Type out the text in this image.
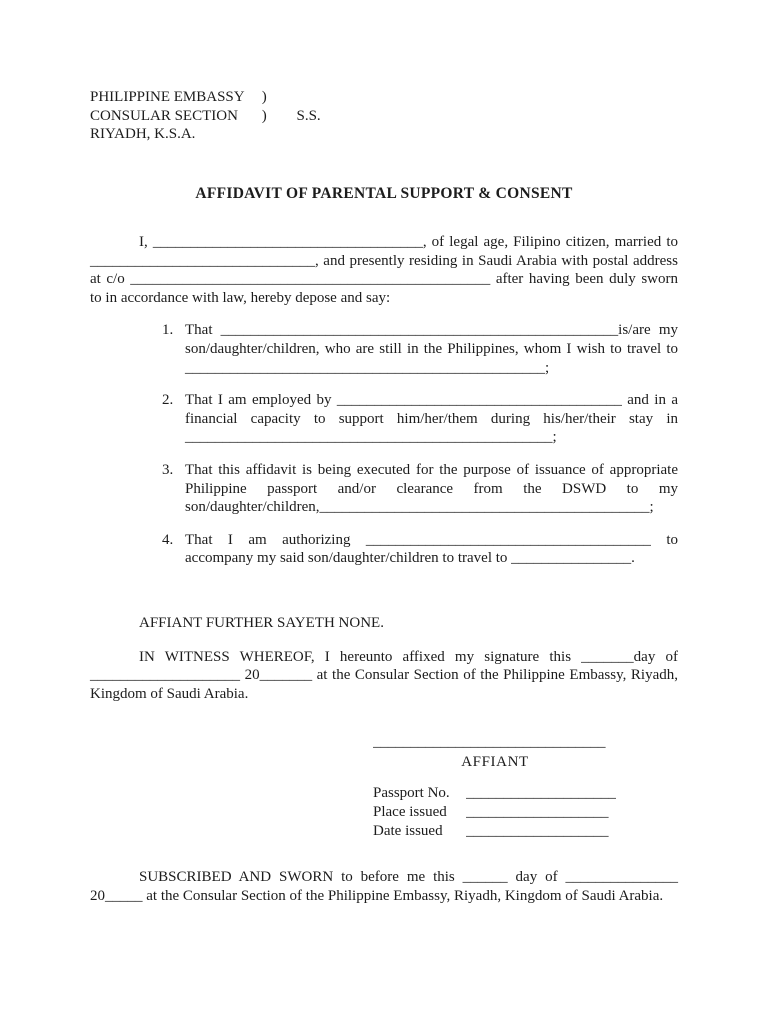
PHILIPPINE EMBASSY )
CONSULAR SECTION ) S.S.
RIYADH, K.S.A.
AFFIDAVIT OF PARENTAL SUPPORT & CONSENT

I, ____________________________________, of legal age, Filipino citizen, married to ______________________________, and presently residing in Saudi Arabia with postal address at c/o ________________________________________________ after having been duly sworn to in accordance with law, hereby depose and say:

1. That _____________________________________________________is/are my son/daughter/children, who are still in the Philippines, whom I wish to travel to ________________________________________________;
2. That I am employed by ______________________________________ and in a financial capacity to support him/her/them during his/her/their stay in _________________________________________________;
3. That this affidavit is being executed for the purpose of issuance of appropriate Philippine passport and/or clearance from the DSWD to my son/daughter/children,____________________________________________;
4. That I am authorizing ______________________________________ to accompany my said son/daughter/children to travel to ________________.
AFFIANT FURTHER SAYETH NONE.

IN WITNESS WHEREOF, I hereunto affixed my signature this _______day of ____________________ 20_______ at the Consular Section of the Philippine Embassy, Riyadh, Kingdom of Saudi Arabia.

_______________________________
AFFIANT
Passport No.	____________________
Place issued	___________________
Date issued	___________________

SUBSCRIBED AND SWORN to before me this ______ day of _______________ 20_____ at the Consular Section of the Philippine Embassy, Riyadh, Kingdom of Saudi Arabia.
